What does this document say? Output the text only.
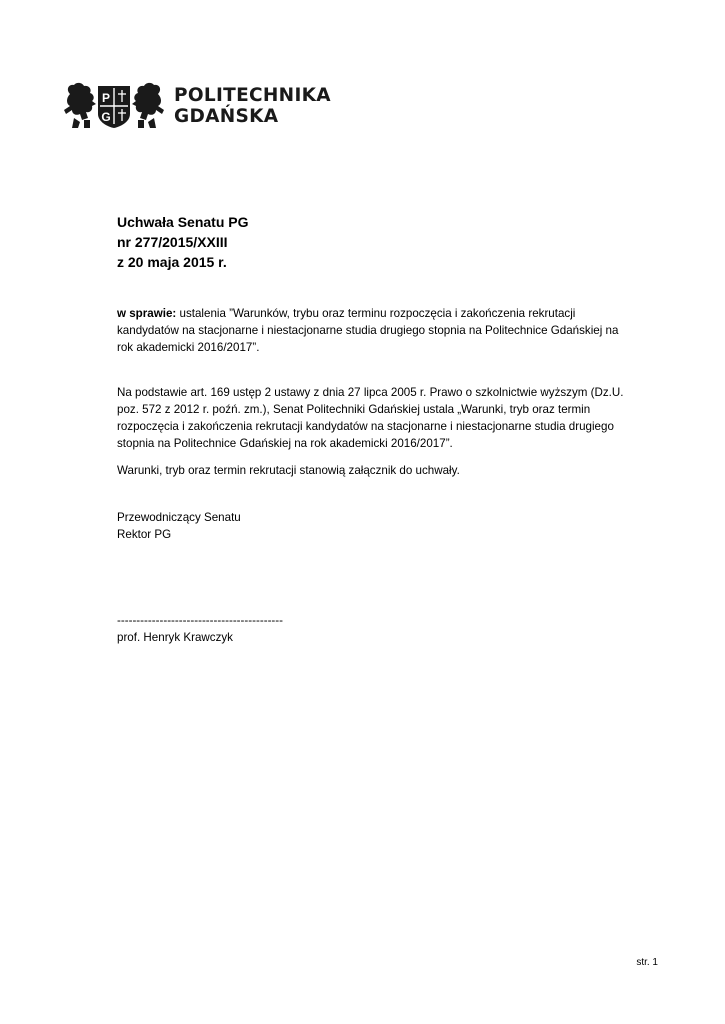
P
G
POLITECHNIKA
GDAŃSKA
Uchwała Senatu PG
nr 277/2015/XXIII
z 20 maja 2015 r.
w sprawie: ustalenia ”Warunków, trybu oraz terminu rozpoczęcia i zakończenia rekrutacji
kandydatów na stacjonarne i niestacjonarne studia drugiego stopnia na Politechnice Gdańskiej na
rok akademicki 2016/2017”.
Na podstawie art. 169 ustęp 2 ustawy z dnia 27 lipca 2005 r. Prawo o szkolnictwie wyższym (Dz.U.
poz. 572 z 2012 r. poźń. zm.), Senat Politechniki Gdańskiej ustala „Warunki, tryb oraz termin
rozpoczęcia i zakończenia rekrutacji kandydatów na stacjonarne i niestacjonarne studia drugiego
stopnia na Politechnice Gdańskiej na rok akademicki 2016/2017”.
Warunki, tryb oraz termin rekrutacji stanowią załącznik do uchwały.
Przewodniczący Senatu
Rektor PG
-------------------------------------------
prof. Henryk Krawczyk
str. 1
